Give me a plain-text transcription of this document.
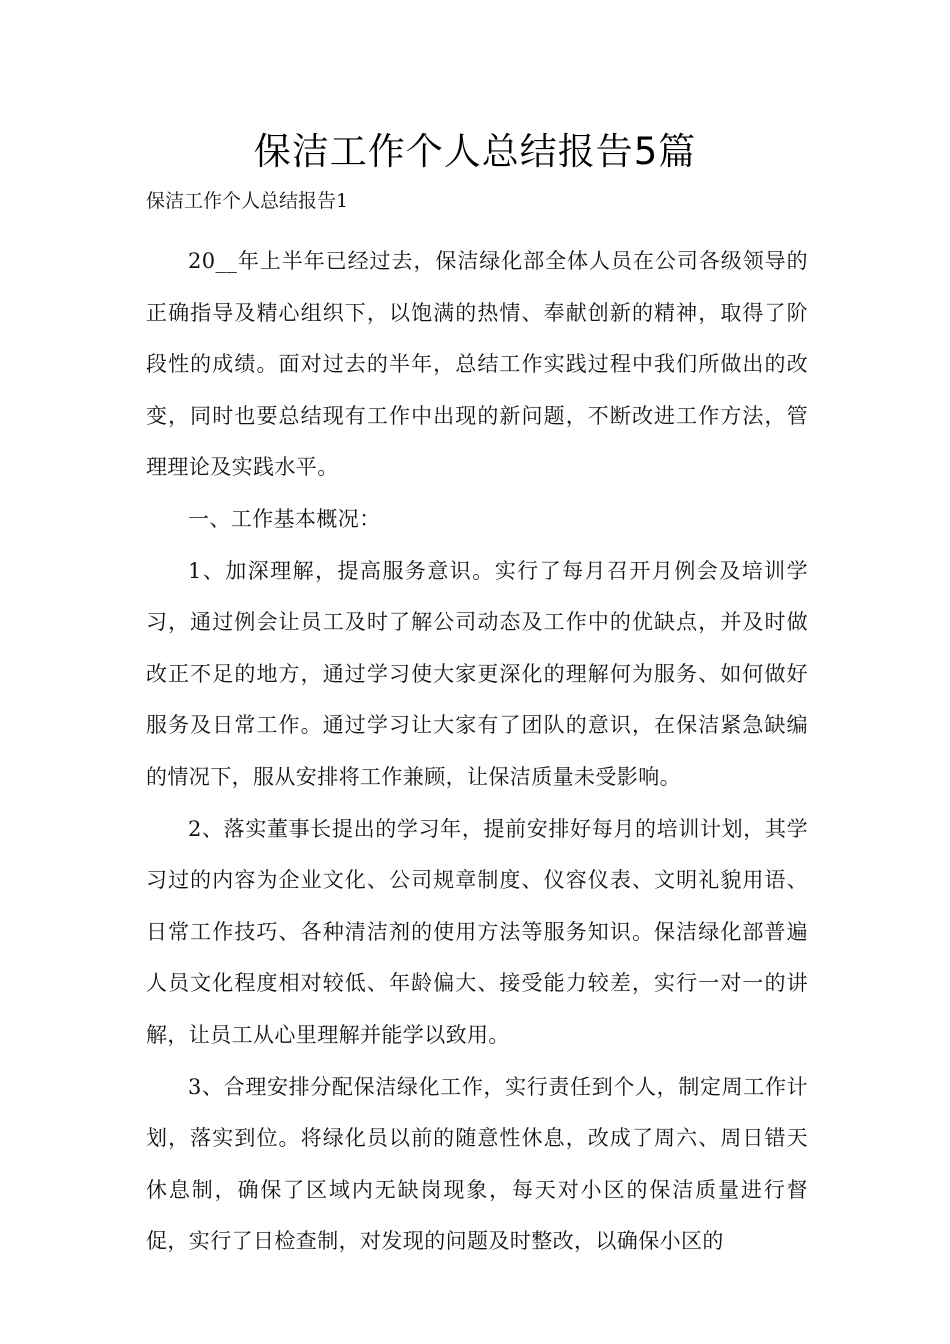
保洁工作个人总结报告5篇
保洁工作个人总结报告1

20__年上半年已经过去，保洁绿化部全体人员在公司各级领导的正确指导及精心组织下，以饱满的热情、奉献创新的精神，取得了阶段性的成绩。面对过去的半年，总结工作实践过程中我们所做出的改变，同时也要总结现有工作中出现的新问题，不断改进工作方法，管理理论及实践水平。

一、工作基本概况：

1、加深理解，提高服务意识。实行了每月召开月例会及培训学习，通过例会让员工及时了解公司动态及工作中的优缺点，并及时做改正不足的地方，通过学习使大家更深化的理解何为服务、如何做好服务及日常工作。通过学习让大家有了团队的意识，在保洁紧急缺编的情况下，服从安排将工作兼顾，让保洁质量未受影响。

2、落实董事长提出的学习年，提前安排好每月的培训计划，其学习过的内容为企业文化、公司规章制度、仪容仪表、文明礼貌用语、日常工作技巧、各种清洁剂的使用方法等服务知识。保洁绿化部普遍人员文化程度相对较低、年龄偏大、接受能力较差，实行一对一的讲解，让员工从心里理解并能学以致用。

3、合理安排分配保洁绿化工作，实行责任到个人，制定周工作计划，落实到位。将绿化员以前的随意性休息，改成了周六、周日错天休息制，确保了区域内无缺岗现象，每天对小区的保洁质量进行督促，实行了日检查制，对发现的问题及时整改，以确保小区的
